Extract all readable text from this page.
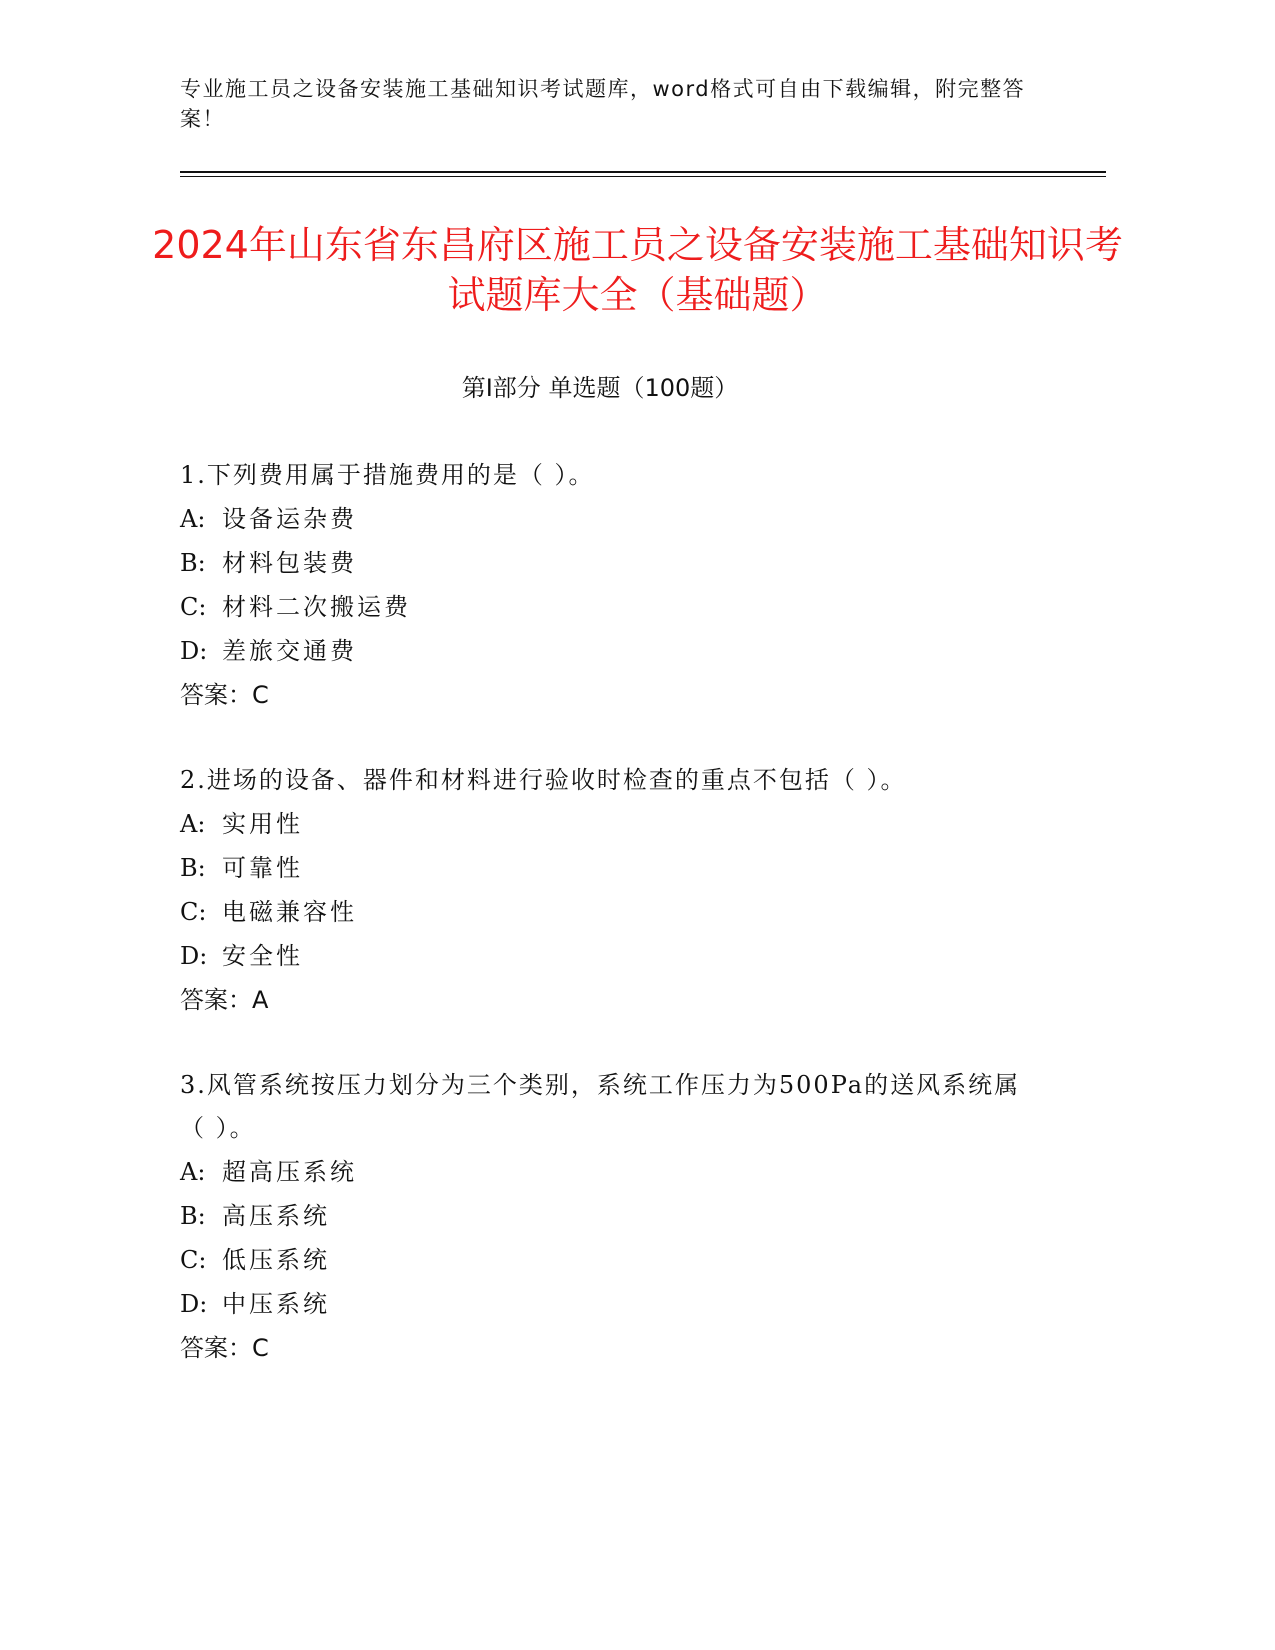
专业施工员之设备安装施工基础知识考试题库，word格式可自由下载编辑，附完整答案！
2024年山东省东昌府区施工员之设备安装施工基础知识考试题库大全（基础题）
第Ⅰ部分 单选题（100题）
1.下列费用属于措施费用的是（ ）。
A: 设备运杂费
B: 材料包装费
C: 材料二次搬运费
D: 差旅交通费
答案：C
2.进场的设备、器件和材料进行验收时检查的重点不包括（ ）。
A: 实用性
B: 可靠性
C: 电磁兼容性
D: 安全性
答案：A
3.风管系统按压力划分为三个类别，系统工作压力为500Pa的送风系统属（ ）。
A: 超高压系统
B: 高压系统
C: 低压系统
D: 中压系统
答案：C
